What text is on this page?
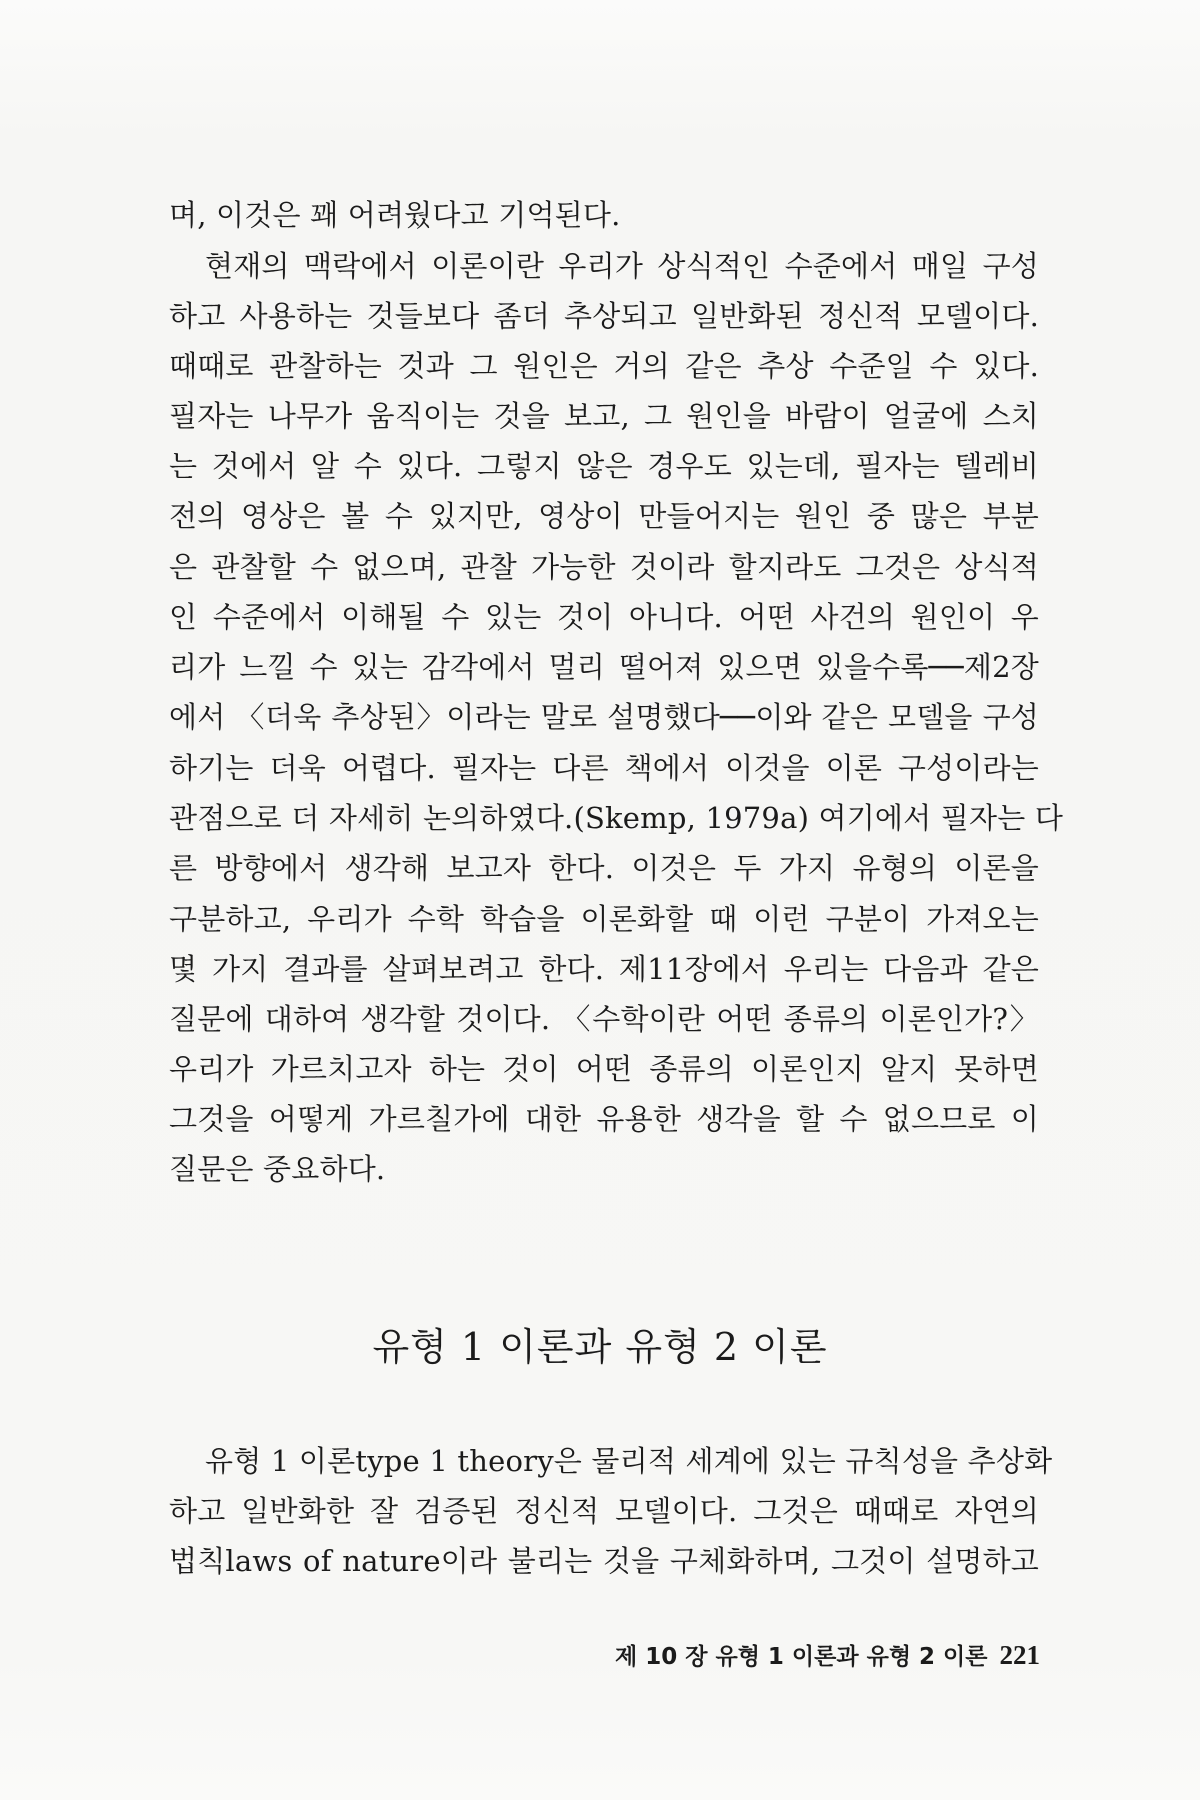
며, 이것은 꽤 어려웠다고 기억된다.
현재의 맥락에서 이론이란 우리가 상식적인 수준에서 매일 구성
하고 사용하는 것들보다 좀더 추상되고 일반화된 정신적 모델이다.
때때로 관찰하는 것과 그 원인은 거의 같은 추상 수준일 수 있다.
필자는 나무가 움직이는 것을 보고, 그 원인을 바람이 얼굴에 스치
는 것에서 알 수 있다. 그렇지 않은 경우도 있는데, 필자는 텔레비
전의 영상은 볼 수 있지만, 영상이 만들어지는 원인 중 많은 부분
은 관찰할 수 없으며, 관찰 가능한 것이라 할지라도 그것은 상식적
인 수준에서 이해될 수 있는 것이 아니다. 어떤 사건의 원인이 우
리가 느낄 수 있는 감각에서 멀리 떨어져 있으면 있을수록──제2장
에서 〈더욱 추상된〉이라는 말로 설명했다──이와 같은 모델을 구성
하기는 더욱 어렵다. 필자는 다른 책에서 이것을 이론 구성이라는
관점으로 더 자세히 논의하였다.(Skemp, 1979a) 여기에서 필자는 다
른 방향에서 생각해 보고자 한다. 이것은 두 가지 유형의 이론을
구분하고, 우리가 수학 학습을 이론화할 때 이런 구분이 가져오는
몇 가지 결과를 살펴보려고 한다. 제11장에서 우리는 다음과 같은
질문에 대하여 생각할 것이다. 〈수학이란 어떤 종류의 이론인가?〉
우리가 가르치고자 하는 것이 어떤 종류의 이론인지 알지 못하면
그것을 어떻게 가르칠가에 대한 유용한 생각을 할 수 없으므로 이
질문은 중요하다.
유형 1 이론과 유형 2 이론
유형 1 이론type 1 theory은 물리적 세계에 있는 규칙성을 추상화
하고 일반화한 잘 검증된 정신적 모델이다. 그것은 때때로 자연의
법칙laws of nature이라 불리는 것을 구체화하며, 그것이 설명하고
제 10 장 유형 1 이론과 유형 2 이론 221
